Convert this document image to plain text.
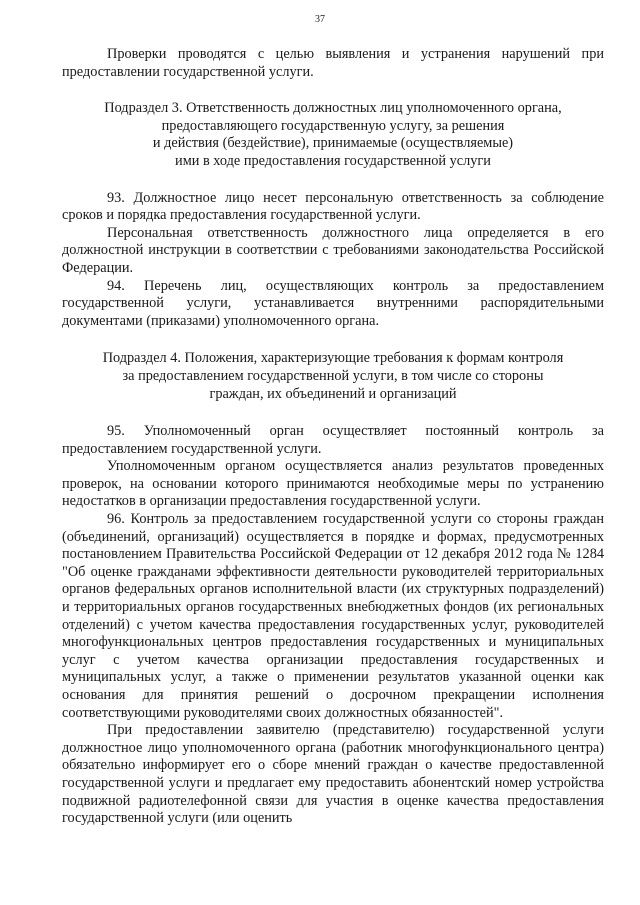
37

Проверки проводятся с целью выявления и устранения нарушений при предоставлении государственной услуги.

Подраздел 3. Ответственность должностных лиц уполномоченного органа,

предоставляющего государственную услугу, за решения

и действия (бездействие), принимаемые (осуществляемые)

ими в ходе предоставления государственной услуги

93. Должностное лицо несет персональную ответственность за соблюдение сроков и порядка предоставления государственной услуги.

Персональная ответственность должностного лица определяется в его должностной инструкции в соответствии с требованиями законодательства Российской Федерации.

94. Перечень лиц, осуществляющих контроль за предоставлением государственной услуги, устанавливается внутренними распорядительными документами (приказами) уполномоченного органа.

Подраздел 4. Положения, характеризующие требования к формам контроля

за предоставлением государственной услуги, в том числе со стороны

граждан, их объединений и организаций

95. Уполномоченный орган осуществляет постоянный контроль за предоставлением государственной услуги.

Уполномоченным органом осуществляется анализ результатов проведенных проверок, на основании которого принимаются необходимые меры по устранению недостатков в организации предоставления государственной услуги.

96. Контроль за предоставлением государственной услуги со стороны граждан (объединений, организаций) осуществляется в порядке и формах, предусмотренных постановлением Правительства Российской Федерации от 12 декабря 2012 года № 1284 "Об оценке гражданами эффективности деятельности руководителей территориальных органов федеральных органов исполнительной власти (их структурных подразделений) и территориальных органов государственных внебюджетных фондов (их региональных отделений) с учетом качества предоставления государственных услуг, руководителей многофункциональных центров предоставления государственных и муниципальных услуг с учетом качества организации предоставления государственных и муниципальных услуг, а также о применении результатов указанной оценки как основания для принятия решений о досрочном прекращении исполнения соответствующими руководителями своих должностных обязанностей".

При предоставлении заявителю (представителю) государственной услуги должностное лицо уполномоченного органа (работник многофункционального центра) обязательно информирует его о сборе мнений граждан о качестве предоставленной государственной услуги и предлагает ему предоставить абонентский номер устройства подвижной радиотелефонной связи для участия в оценке качества предоставления государственной услуги (или оценить
